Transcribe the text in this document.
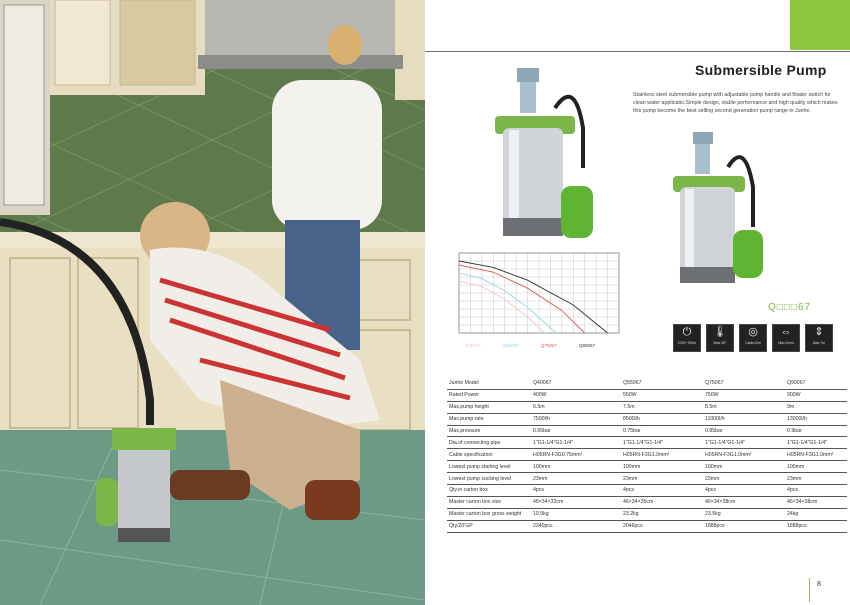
Submersible Pump
Stainless steel submersible pump with adjustable pump handle and floater switch for clean water applicatio.Simple design, stable performance and high quality which makes this pump become the best selling second generation pump range in Junhe.
Q40067	Q55067	Q75067	Q90067
Q□□□67
⏻
230V~50Hz
🌡
Max.35°
◎
Cable10m
⇔
Max.5mm
⇕
Max.7m
Junhe Model	Q40067	Q55067	Q75067	Q90067
Rated Power	400W	550W	750W	900W
Max.pump height	6.5m	7.5m	8.5m	9m
Max.pump rate	7500l/h	8500l/h	11000l/h	13000l/h
Max.pressure	0.65bar	0.75bar	0.85bar	0.9bar
Dia.of connecting pipe	1"G1-1/4"G1-1/4"	1"G1-1/4"G1-1/4"	1"G1-1/4"G1-1/4"	1"G1-1/4"G1-1/4"
Cable specification	H05RN-F3G0.75mm²	H05RN-F3G1.0mm²	H05RN-F3G1.0mm²	H05RN-F3G1.0mm²
Lowest pump starting level	100mm	100mm	100mm	100mm
Lowest pump sucking level	23mm	23mm	23mm	23mm
Qty.in carton box	4pcs	4pcs	4pcs	4pcs
Master carton box size	46×34×32cm	46×34×35cm	46×34×38cm	46×34×38cm
Master carton box gross weight	19.5kg	23.2kg	23.5kg	24kg
Qty/20'GP	2240pcs	2046pcs	1888pcs	1888pcs
8
